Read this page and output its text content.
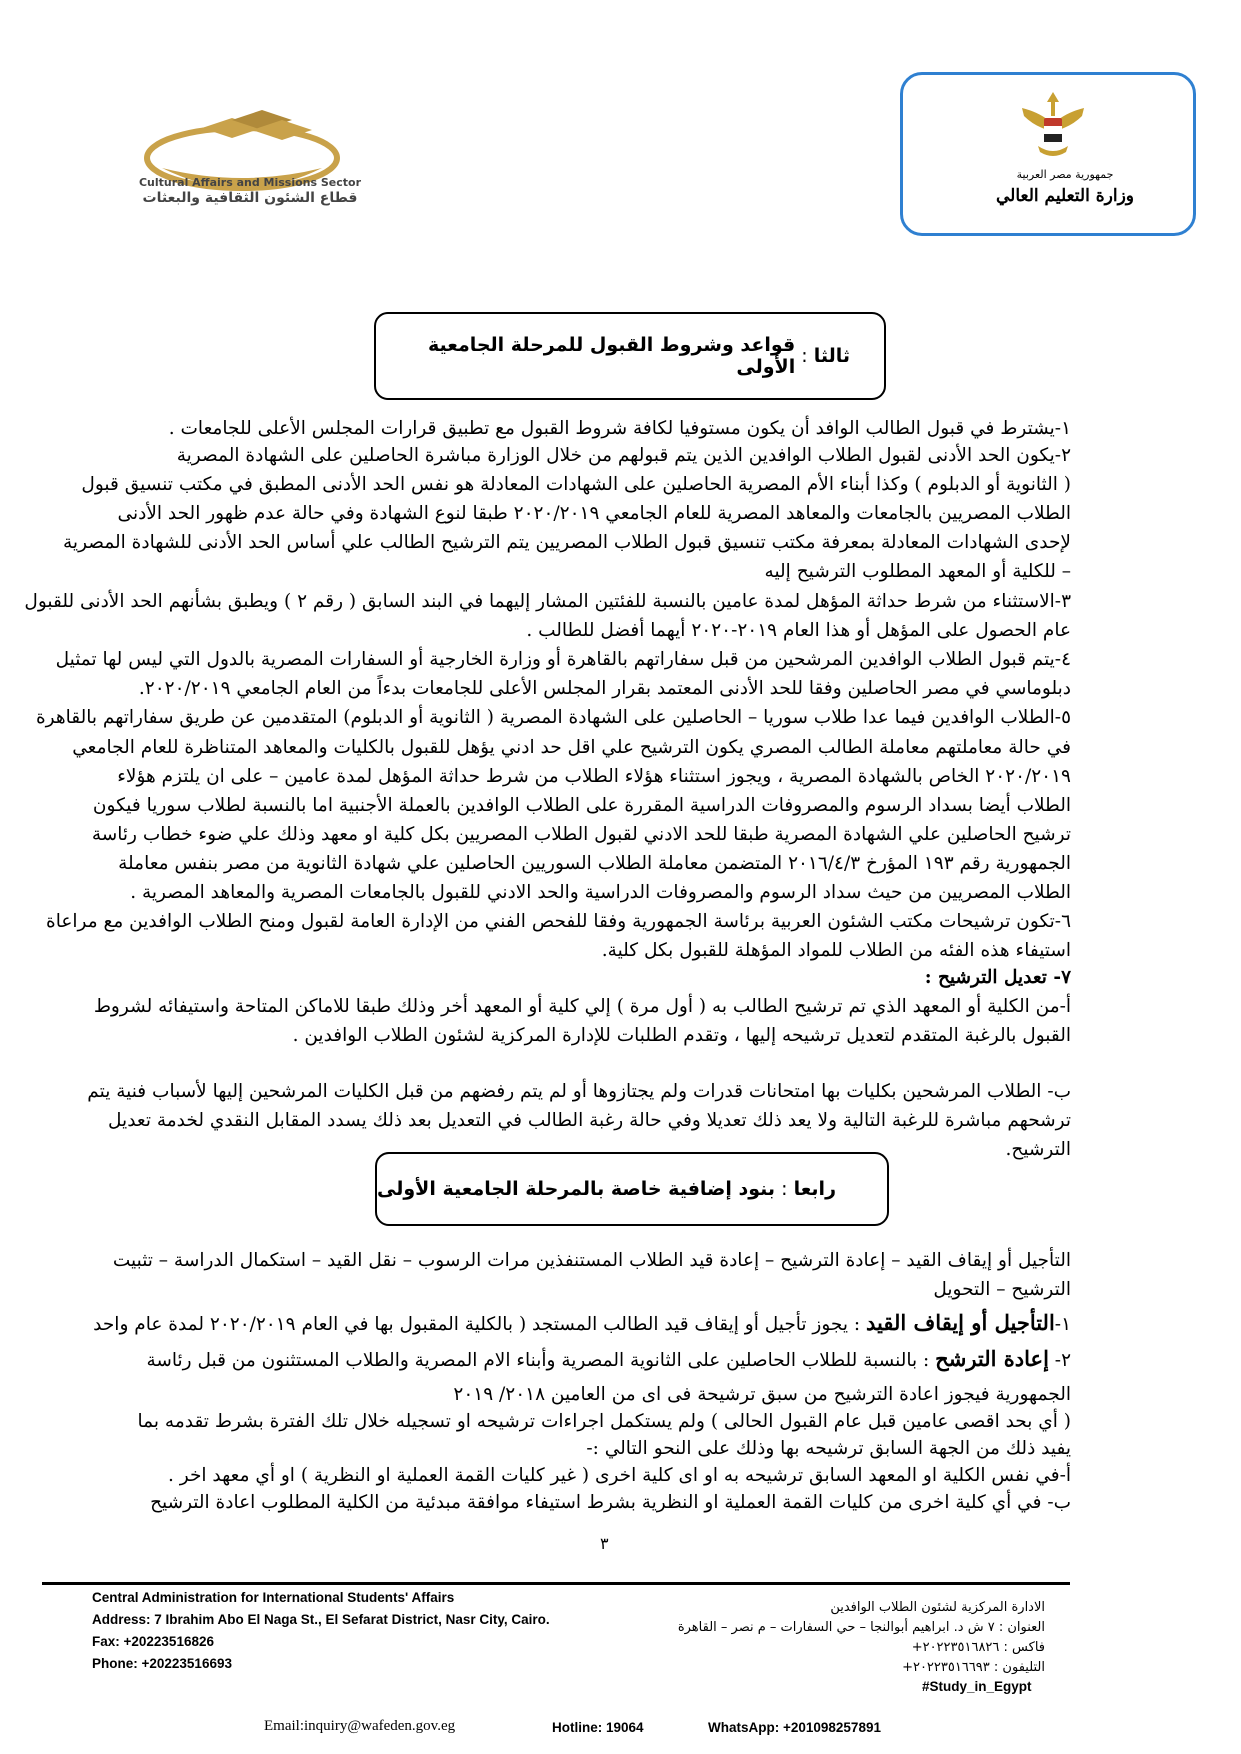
جمهورية مصر العربية
وزارة التعليم العالي
Cultural Affairs and Missions Sector
قطاع الشئون الثقافية والبعثات
ثالثا
:
قواعد وشروط القبول للمرحلة الجامعية الأولى
١-يشترط في قبول الطالب الوافد أن يكون مستوفيا لكافة شروط القبول مع تطبيق قرارات المجلس الأعلى للجامعات .
٢-يكون الحد الأدنى لقبول الطلاب الوافدين الذين يتم قبولهم من خلال الوزارة مباشرة الحاصلين على الشهادة المصرية
( الثانوية أو الدبلوم ) وكذا أبناء الأم المصرية الحاصلين على الشهادات المعادلة هو نفس الحد الأدنى المطبق في مكتب تنسيق قبول
الطلاب المصريين بالجامعات والمعاهد المصرية للعام الجامعي ٢٠٢٠/٢٠١٩ طبقا لنوع الشهادة وفي حالة عدم ظهور الحد الأدنى
لإحدى الشهادات المعادلة بمعرفة مكتب تنسيق قبول الطلاب المصريين يتم الترشيح الطالب علي أساس الحد الأدنى للشهادة المصرية
– للكلية أو المعهد المطلوب الترشيح إليه
٣-الاستثناء من شرط حداثة المؤهل لمدة عامين بالنسبة للفئتين المشار إليهما في البند السابق ( رقم ٢ ) ويطبق بشأنهم الحد الأدنى للقبول
عام الحصول على المؤهل أو هذا العام ٢٠١٩-٢٠٢٠ أيهما أفضل للطالب .
٤-يتم قبول الطلاب الوافدين المرشحين من قبل سفاراتهم بالقاهرة أو وزارة الخارجية أو السفارات المصرية بالدول التي ليس لها تمثيل
دبلوماسي في مصر الحاصلين وفقا للحد الأدنى المعتمد بقرار المجلس الأعلى للجامعات بدءاً من العام الجامعي ٢٠٢٠/٢٠١٩.
٥-الطلاب الوافدين فيما عدا طلاب سوريا – الحاصلين على الشهادة المصرية ( الثانوية أو الدبلوم) المتقدمين عن طريق سفاراتهم بالقاهرة
في حالة معاملتهم معاملة الطالب المصري يكون الترشيح علي اقل حد ادني يؤهل للقبول بالكليات والمعاهد المتناظرة للعام الجامعي
٢٠٢٠/٢٠١٩ الخاص بالشهادة المصرية ، ويجوز استثناء هؤلاء الطلاب من شرط حداثة المؤهل لمدة عامين – على ان يلتزم هؤلاء
الطلاب أيضا بسداد الرسوم والمصروفات الدراسية المقررة على الطلاب الوافدين بالعملة الأجنبية اما بالنسبة لطلاب سوريا فيكون
ترشيح الحاصلين علي الشهادة المصرية طبقا للحد الادني لقبول الطلاب المصريين بكل كلية او معهد وذلك علي ضوء خطاب رئاسة
الجمهورية رقم ١٩٣ المؤرخ ٢٠١٦/٤/٣ المتضمن معاملة الطلاب السوريين الحاصلين علي شهادة الثانوية من مصر بنفس معاملة
الطلاب المصريين من حيث سداد الرسوم والمصروفات الدراسية والحد الادني للقبول بالجامعات المصرية والمعاهد المصرية .
٦-تكون ترشيحات مكتب الشئون العربية برئاسة الجمهورية وفقا للفحص الفني من الإدارة العامة لقبول ومنح الطلاب الوافدين مع مراعاة
استيفاء هذه الفئه من الطلاب للمواد المؤهلة للقبول بكل كلية.
٧- تعديل الترشيح :
أ-من الكلية أو المعهد الذي تم ترشيح الطالب به ( أول مرة ) إلي كلية أو المعهد أخر وذلك طبقا للاماكن المتاحة واستيفائه لشروط
القبول بالرغبة المتقدم لتعديل ترشيحه إليها ، وتقدم الطلبات للإدارة المركزية لشئون الطلاب الوافدين .
ب- الطلاب المرشحين بكليات بها امتحانات قدرات ولم يجتازوها أو لم يتم رفضهم من قبل الكليات المرشحين إليها لأسباب فنية يتم
ترشحهم مباشرة للرغبة التالية ولا يعد ذلك تعديلا وفي حالة رغبة الطالب في التعديل بعد ذلك يسدد المقابل النقدي لخدمة تعديل
الترشيح.
رابعا
:
بنود إضافية خاصة بالمرحلة الجامعية الأولى
التأجيل أو إيقاف القيد – إعادة الترشيح – إعادة قيد الطلاب المستنفذين مرات الرسوب – نقل القيد – استكمال الدراسة – تثبيت
الترشيح – التحويل
١-التأجيل أو إيقاف القيد : يجوز تأجيل أو إيقاف قيد الطالب المستجد ( بالكلية المقبول بها في العام ٢٠٢٠/٢٠١٩ لمدة عام واحد
٢- إعادة الترشح : بالنسبة للطلاب الحاصلين على الثانوية المصرية وأبناء الام المصرية والطلاب المستثنون من قبل رئاسة
الجمهورية فيجوز اعادة الترشيح من سبق ترشيحة فى اى من العامين ٢٠١٨/ ٢٠١٩
( أي بحد اقصى عامين قبل عام القبول الحالى ) ولم يستكمل اجراءات ترشيحه او تسجيله خلال تلك الفترة بشرط تقدمه بما
يفيد ذلك من الجهة السابق ترشيحه بها وذلك على النحو التالي :-
أ-في نفس الكلية او المعهد السابق ترشيحه به او اى كلية اخرى ( غير كليات القمة العملية او النظرية ) او أي معهد اخر .
ب- في أي كلية اخرى من كليات القمة العملية او النظرية بشرط استيفاء موافقة مبدئية من الكلية المطلوب اعادة الترشيح
٣
Central Administration for International Students' Affairs
Address: 7 Ibrahim Abo El Naga St., El Sefarat District, Nasr City, Cairo.
Fax: +20223516826
Phone: +20223516693
الادارة المركزية لشئون الطلاب الوافدين
العنوان : ٧ ش د. ابراهيم أبوالنجا – حي السفارات – م نصر – القاهرة
فاكس : ٢٠٢٢٣٥١٦٨٢٦+
التليفون : ٢٠٢٢٣٥١٦٦٩٣+
#Study_in_Egypt
Email:inquiry@wafeden.gov.eg	Hotline: 19064	WhatsApp: +201098257891
